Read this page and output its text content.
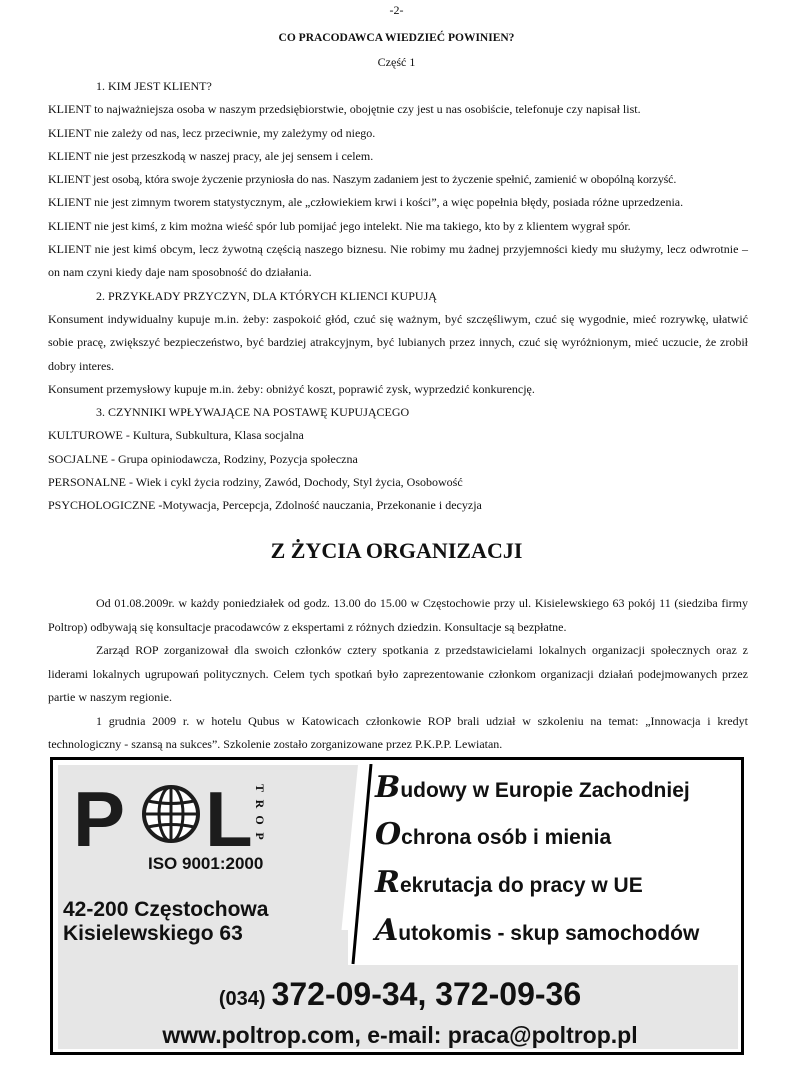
-2-
CO PRACODAWCA WIEDZIEĆ POWINIEN?
Część 1

1. KIM JEST KLIENT?

KLIENT to najważniejsza osoba w naszym przedsiębiorstwie, obojętnie czy jest u nas osobiście, telefonuje czy napisał list.

KLIENT nie zależy od nas, lecz przeciwnie, my zależymy od niego.

KLIENT nie jest przeszkodą w naszej pracy, ale jej sensem i celem.

KLIENT jest osobą, która swoje życzenie przyniosła do nas. Naszym zadaniem jest to życzenie spełnić, zamienić w obopólną korzyść.

KLIENT nie jest zimnym tworem statystycznym, ale „człowiekiem krwi i kości”, a więc popełnia błędy, posiada różne uprzedzenia.

KLIENT nie jest kimś, z kim można wieść spór lub pomijać jego intelekt. Nie ma takiego, kto by z klientem wygrał spór.

KLIENT nie jest kimś obcym, lecz żywotną częścią naszego biznesu. Nie robimy mu żadnej przyjemności kiedy mu służymy, lecz odwrotnie – on nam czyni kiedy daje nam sposobność do działania.

2. PRZYKŁADY PRZYCZYN, DLA KTÓRYCH KLIENCI KUPUJĄ

Konsument indywidualny kupuje m.in. żeby: zaspokoić głód, czuć się ważnym, być szczęśliwym, czuć się wygodnie, mieć rozrywkę, ułatwić sobie pracę, zwiększyć bezpieczeństwo, być bardziej atrakcyjnym, być lubianych przez innych, czuć się wyróżnionym, mieć uczucie, że zrobił dobry interes.

Konsument przemysłowy kupuje m.in. żeby: obniżyć koszt, poprawić zysk, wyprzedzić konkurencję.

3. CZYNNIKI WPŁYWAJĄCE NA POSTAWĘ KUPUJĄCEGO

KULTUROWE - Kultura, Subkultura, Klasa socjalna

SOCJALNE - Grupa opiniodawcza, Rodziny, Pozycja społeczna

PERSONALNE - Wiek i cykl życia rodziny, Zawód, Dochody, Styl życia, Osobowość

PSYCHOLOGICZNE -Motywacja, Percepcja, Zdolność nauczania, Przekonanie i decyzja

Z ŻYCIA ORGANIZACJI

Od 01.08.2009r. w każdy poniedziałek od godz. 13.00 do 15.00 w Częstochowie przy ul. Kisielewskiego 63 pokój 11 (siedziba firmy Poltrop) odbywają się konsultacje pracodawców z ekspertami z różnych dziedzin. Konsultacje są bezpłatne.

Zarząd ROP zorganizował dla swoich członków cztery spotkania z przedstawicielami lokalnych organizacji społecznych oraz z liderami lokalnych ugrupowań politycznych. Celem tych spotkań było zaprezentowanie członkom organizacji działań podejmowanych przez partie w naszym regionie.

1 grudnia 2009 r. w hotelu Qubus w Katowicach członkowie ROP brali udział w szkoleniu na temat: „Innowacja i kredyt technologiczny - szansą na sukces”. Szkolenie zostało zorganizowane przez P.K.P.P. Lewiatan.

P L T
R
O
P
ISO 9001:2000
42-200 Częstochowa
Kisielewskiego 63
Budowy w Europie Zachodniej
Ochrona osób i mienia
Rekrutacja do pracy w UE
Autokomis - skup samochodów
(034) 372-09-34, 372-09-36
www.poltrop.com, e-mail: praca@poltrop.pl
